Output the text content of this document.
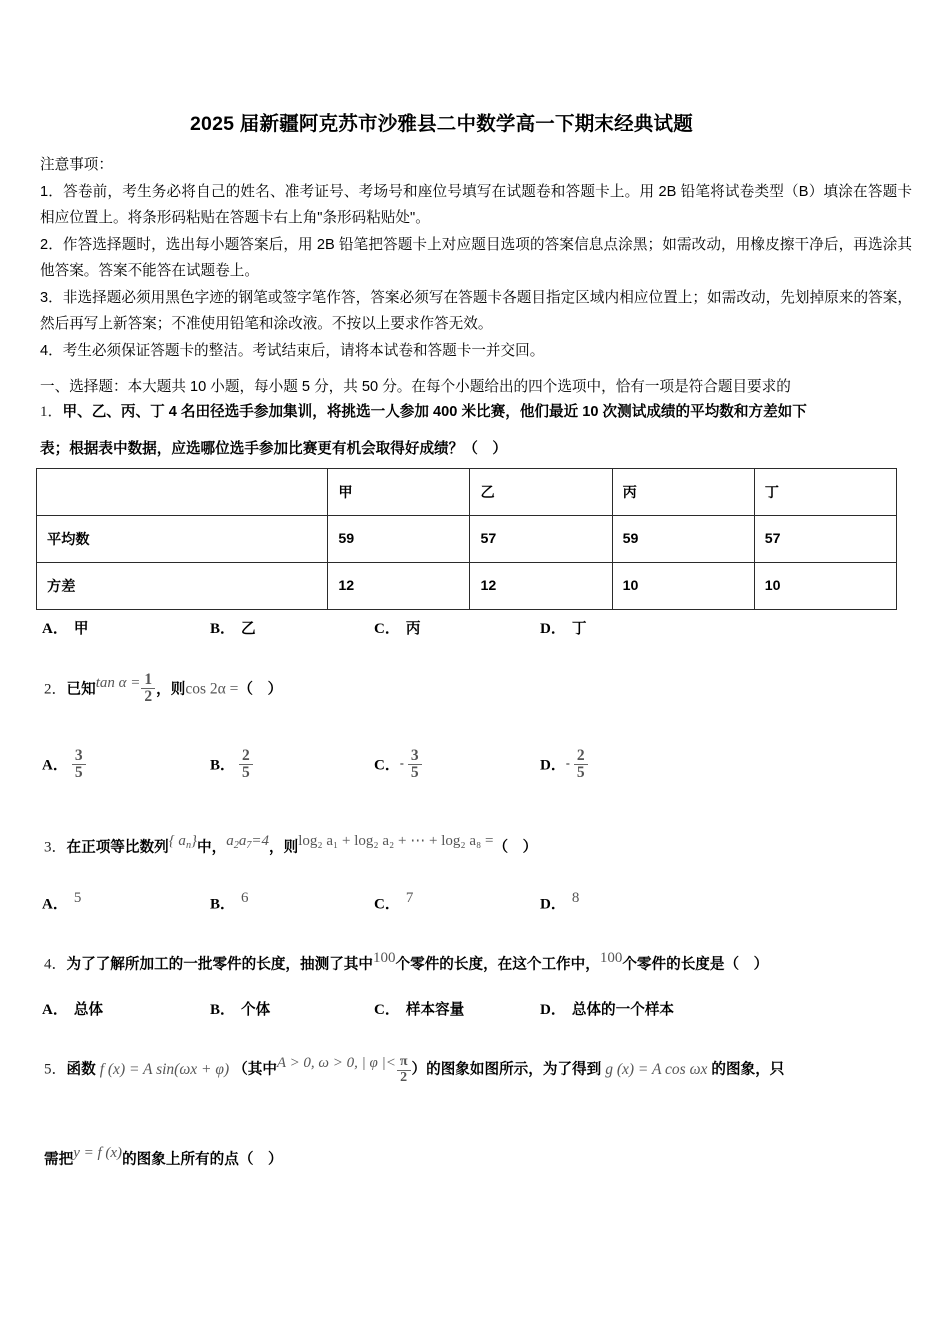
2025 届新疆阿克苏市沙雅县二中数学高一下期末经典试题

注意事项：

1．答卷前，考生务必将自己的姓名、准考证号、考场号和座位号填写在试题卷和答题卡上。用 2B 铅笔将试卷类型（B）填涂在答题卡相应位置上。将条形码粘贴在答题卡右上角"条形码粘贴处"。

2．作答选择题时，选出每小题答案后，用 2B 铅笔把答题卡上对应题目选项的答案信息点涂黑；如需改动，用橡皮擦干净后，再选涂其他答案。答案不能答在试题卷上。

3．非选择题必须用黑色字迹的钢笔或签字笔作答，答案必须写在答题卡各题目指定区域内相应位置上；如需改动，先划掉原来的答案，然后再写上新答案；不准使用铅笔和涂改液。不按以上要求作答无效。

4．考生必须保证答题卡的整洁。考试结束后，请将本试卷和答题卡一并交回。

一、选择题：本大题共 10 小题，每小题 5 分，共 50 分。在每个小题给出的四个选项中，恰有一项是符合题目要求的
1．甲、乙、丙、丁 4 名田径选手参加集训，将挑选一人参加 400 米比赛，他们最近 10 次测试成绩的平均数和方差如下
表；根据表中数据，应选哪位选手参加比赛更有机会取得好成绩？（　）
	甲	乙	丙	丁
平均数	59	57	59	57
方差	12	12	10	10
A． 甲	B． 乙	C． 丙	D． 丁
2．已知$\tan \alpha = \frac{1}{2}$ ，则cos 2α =（　）
A． $\frac{3}{5}$	B． $\frac{2}{5}$	C．- $\frac{3}{5}$	D．- $\frac{2}{5}$
3．在正项等比数列{ $a_n$}中，$a_2a_7=4$，则log₂ a₁ + log₂ a₂ + ⋯ + log₂ a₈ =（　）
A． 5	B． 6	C． 7	D． 8
4．为了了解所加工的一批零件的长度，抽测了其中100个零件的长度，在这个工作中，100个零件的长度是（　）
A． 总体	B． 个体	C． 样本容量	D． 总体的一个样本
5．函数 f (x) = A sin(ωx + φ) （其中A > 0, ω > 0, | φ |< $\frac{\pi}{2}$ ）的图象如图所示，为了得到 g (x) = A cos ωx 的图象，只
需把y = f (x)的图象上所有的点（　）
